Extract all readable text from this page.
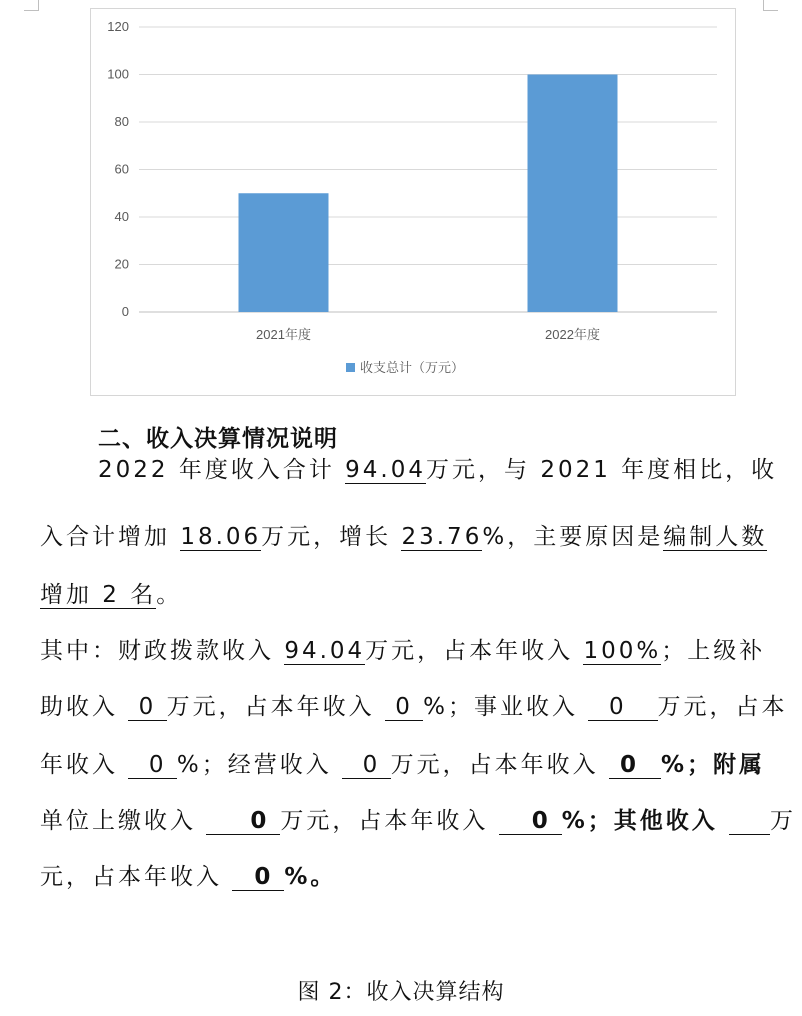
0
20
40
60
80
100
120
2021年度	2022年度
收支总计（万元）
二、收入决算情况说明
2022 年度收入合计 94.04万元，与 2021 年度相比，收
入合计增加 18.06万元，增长 23.76%，主要原因是编制人数
增加 2 名。
其中：财政拨款收入 94.04万元，占本年收入 100%；上级补
助收入  0 万元，占本年收入  0 %；事业收入   0   万元，占本
年收入   0 %；经营收入   0 万元，占本年收入  0  %；附属
单位上缴收入     0 万元，占本年收入    0 %；其他收入     万
元，占本年收入   0 %。
图 2：收入决算结构
